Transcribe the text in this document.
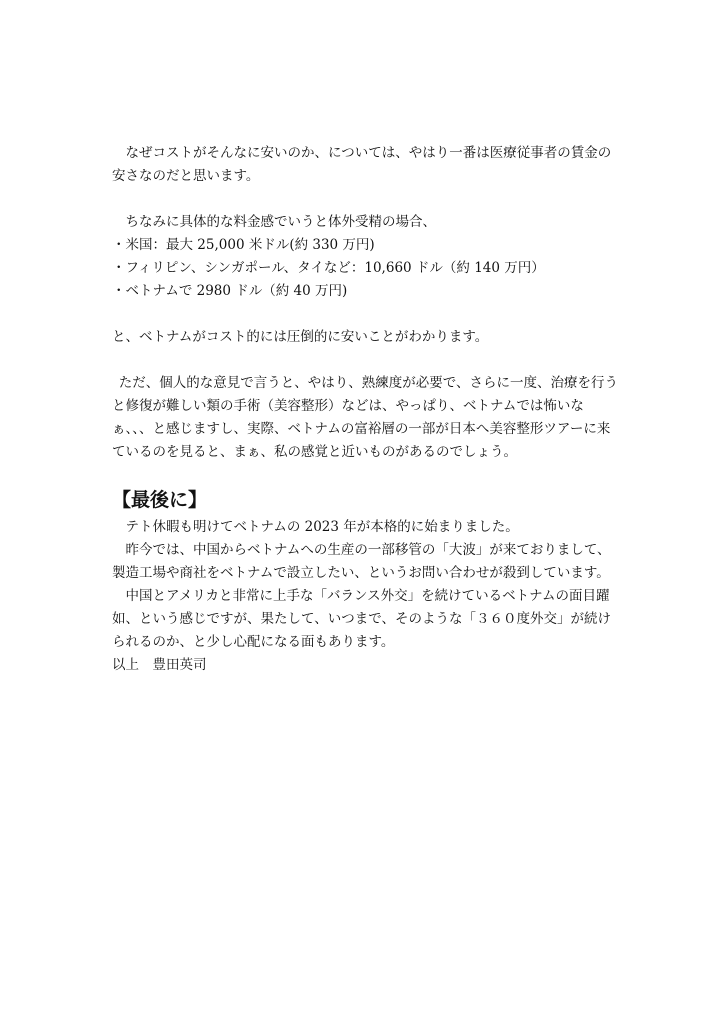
なぜコストがそんなに安いのか、については、やはり一番は医療従事者の賃金の安さなのだと思います。

ちなみに具体的な料金感でいうと体外受精の場合、

・米国：最大 25,000 米ドル(約 330 万円)
・フィリピン、シンガポール、タイなど：10,660 ドル（約 140 万円）
・ベトナムで 2980 ドル（約 40 万円)

と、ベトナムがコスト的には圧倒的に安いことがわかります。

ただ、個人的な意見で言うと、やはり、熟練度が必要で、さらに一度、治療を行うと修復が難しい類の手術（美容整形）などは、やっぱり、ベトナムでは怖いなぁ、、、と感じますし、実際、ベトナムの富裕層の一部が日本へ美容整形ツアーに来ているのを見ると、まぁ、私の感覚と近いものがあるのでしょう。

【最後に】

テト休暇も明けてベトナムの 2023 年が本格的に始まりました。

昨今では、中国からベトナムへの生産の一部移管の「大波」が来ておりまして、製造工場や商社をベトナムで設立したい、というお問い合わせが殺到しています。

中国とアメリカと非常に上手な「バランス外交」を続けているベトナムの面目躍如、という感じですが、果たして、いつまで、そのような「３６０度外交」が続けられるのか、と少し心配になる面もあります。

以上　豊田英司
